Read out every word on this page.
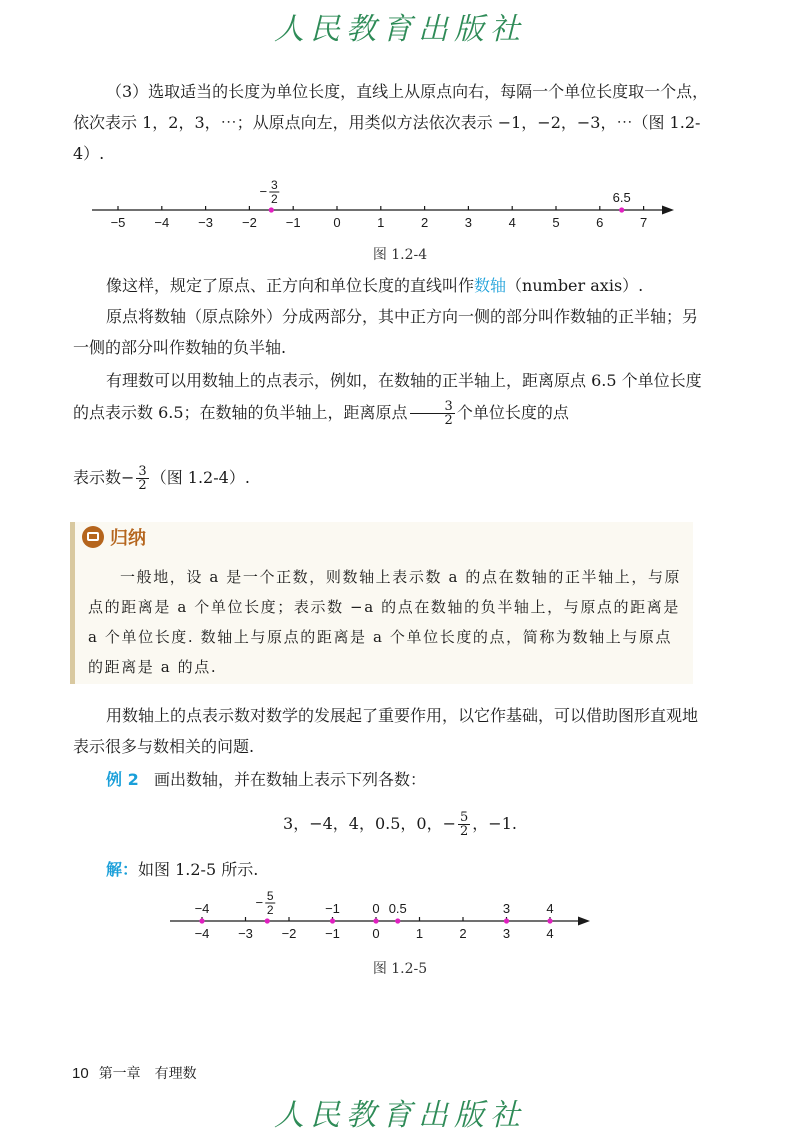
人民教育出版社
（3）选取适当的长度为单位长度，直线上从原点向右，每隔一个单位长度取一个点，依次表示 1，2，3，⋯；从原点向左，用类似方法依次表示 −1，−2，−3，⋯（图 1.2-4）.
−5 −4 −3 −2 −1	0	1	2	3	4	5	6	7
− 3
2	6.5
图 1.2-4
像这样，规定了原点、正方向和单位长度的直线叫作数轴（number axis）.
原点将数轴（原点除外）分成两部分，其中正方向一侧的部分叫作数轴的正半轴；另一侧的部分叫作数轴的负半轴.
有理数可以用数轴上的点表示，例如，在数轴的正半轴上，距离原点 6.5 个单位长度的点表示数 6.5；在数轴的负半轴上，距离原点 $\frac{3}{2}$ 个单位长度的点
表示数− $\frac{3}{2}$ （图 1.2-4）.
归纳
一般地，设 a 是一个正数，则数轴上表示数 a 的点在数轴的正半轴上，与原点的距离是 a 个单位长度；表示数 −a 的点在数轴的负半轴上，与原点的距离是 a 个单位长度. 数轴上与原点的距离是 a 个单位长度的点，简称为数轴上与原点的距离是 a 的点.
用数轴上的点表示数对数学的发展起了重要作用，以它作基础，可以借助图形直观地表示很多与数相关的问题.
例 2 画出数轴，并在数轴上表示下列各数：
3，−4，4，0.5，0，− $\frac{5}{2}$ ，−1.
解：如图 1.2-5 所示.
−4 −3 −2 −1 0	1	2	3	4
−4	− 5
2	−1 0 0.5	3	4
图 1.2-5
10 第一章　有理数
人民教育出版社
